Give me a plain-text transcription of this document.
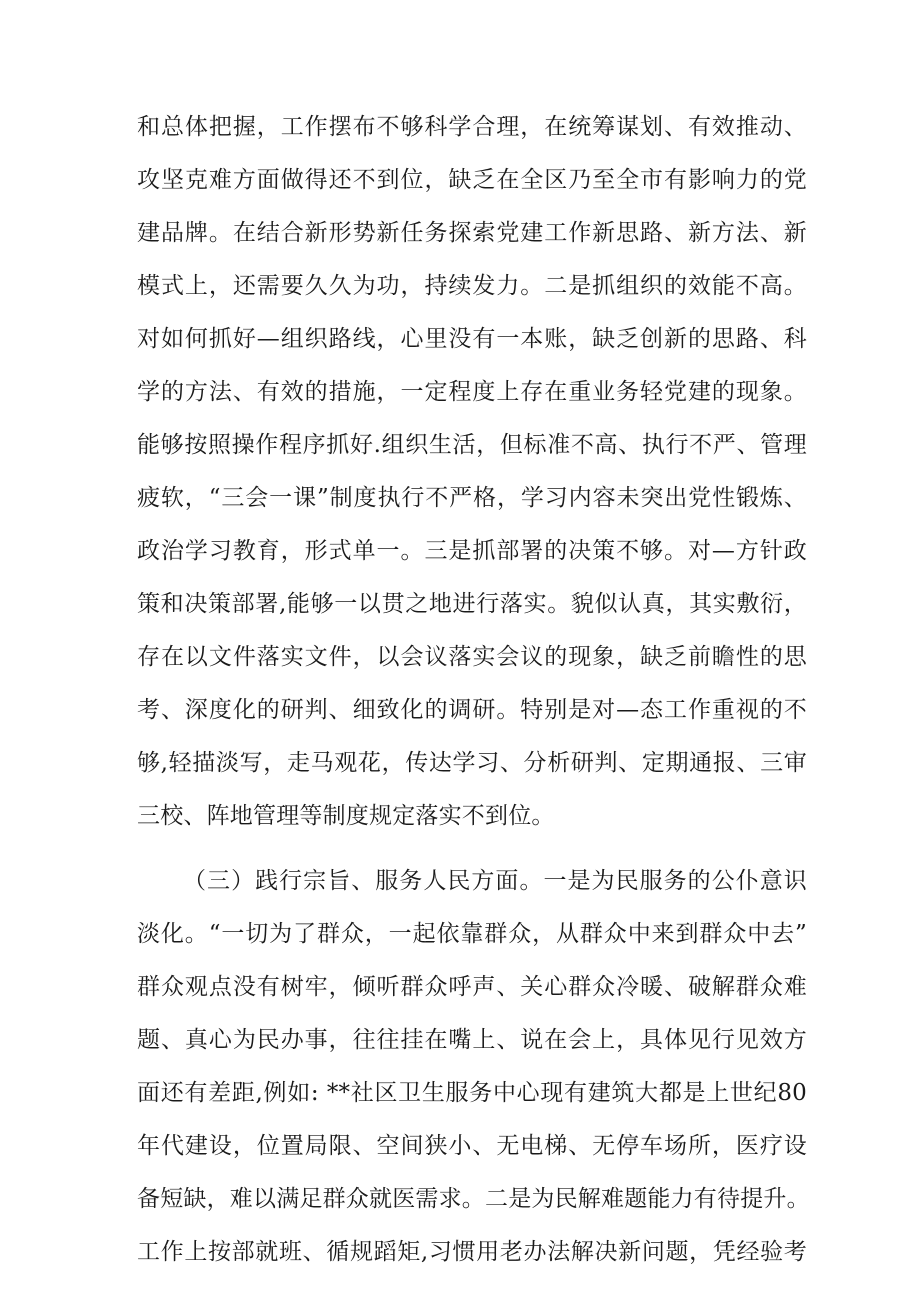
和总体把握，工作摆布不够科学合理，在统筹谋划、有效推动、
攻坚克难方面做得还不到位，缺乏在全区乃至全市有影响力的党
建品牌。在结合新形势新任务探索党建工作新思路、新方法、新
模式上，还需要久久为功，持续发力。二是抓组织的效能不高。
对如何抓好—组织路线，心里没有一本账，缺乏创新的思路、科
学的方法、有效的措施，一定程度上存在重业务轻党建的现象。
能够按照操作程序抓好.组织生活，但标准不高、执行不严、管理
疲软，“三会一课”制度执行不严格，学习内容未突出党性锻炼、
政治学习教育，形式单一。三是抓部署的决策不够。对—方针政
策和决策部署,能够一以贯之地进行落实。貌似认真，其实敷衍，
存在以文件落实文件，以会议落实会议的现象，缺乏前瞻性的思
考、深度化的研判、细致化的调研。特别是对—态工作重视的不
够,轻描淡写，走马观花，传达学习、分析研判、定期通报、三审
三校、阵地管理等制度规定落实不到位。
（三）践行宗旨、服务人民方面。一是为民服务的公仆意识
淡化。“一切为了群众，一起依靠群众，从群众中来到群众中去”
群众观点没有树牢，倾听群众呼声、关心群众冷暖、破解群众难
题、真心为民办事，往往挂在嘴上、说在会上，具体见行见效方
面还有差距,例如: **社区卫生服务中心现有建筑大都是上世纪80
年代建设，位置局限、空间狭小、无电梯、无停车场所，医疗设
备短缺，难以满足群众就医需求。二是为民解难题能力有待提升。
工作上按部就班、循规蹈矩,习惯用老办法解决新问题，凭经验考
